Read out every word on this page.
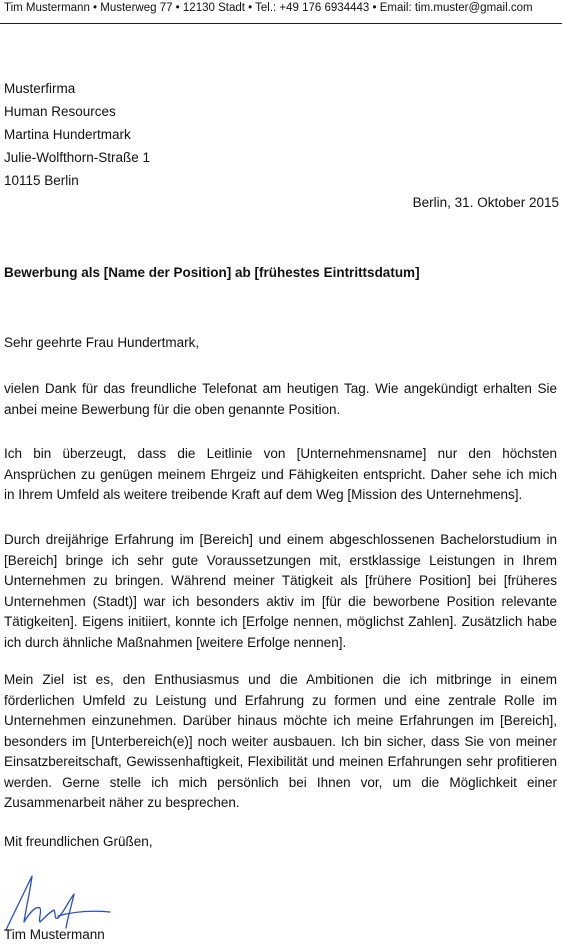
Tim Mustermann • Musterweg 77 • 12130 Stadt • Tel.: +49 176 6934443 • Email: tim.muster@gmail.com
Musterfirma
Human Resources
Martina Hundertmark
Julie-Wolfthorn-Straße 1
10115 Berlin
Berlin, 31. Oktober 2015
Bewerbung als [Name der Position] ab [frühestes Eintrittsdatum]
Sehr geehrte Frau Hundertmark,
vielen Dank für das freundliche Telefonat am heutigen Tag. Wie angekündigt erhalten Sie anbei meine Bewerbung für die oben genannte Position.
Ich bin überzeugt, dass die Leitlinie von [Unternehmensname] nur den höchsten Ansprüchen zu genügen meinem Ehrgeiz und Fähigkeiten entspricht. Daher sehe ich mich in Ihrem Umfeld als weitere treibende Kraft auf dem Weg [Mission des Unternehmens].
Durch dreijährige Erfahrung im [Bereich] und einem abgeschlossenen Bachelorstudium in [Bereich] bringe ich sehr gute Voraussetzungen mit, erstklassige Leistungen in Ihrem Unternehmen zu bringen. Während meiner Tätigkeit als [frühere Position] bei [früheres Unternehmen (Stadt)] war ich besonders aktiv im [für die beworbene Position relevante Tätigkeiten]. Eigens initiiert, konnte ich [Erfolge nennen, möglichst Zahlen]. Zusätzlich habe ich durch ähnliche Maßnahmen [weitere Erfolge nennen].
Mein Ziel ist es, den Enthusiasmus und die Ambitionen die ich mitbringe in einem förderlichen Umfeld zu Leistung und Erfahrung zu formen und eine zentrale Rolle im Unternehmen einzunehmen. Darüber hinaus möchte ich meine Erfahrungen im [Bereich], besonders im [Unterbereich(e)] noch weiter ausbauen. Ich bin sicher, dass Sie von meiner Einsatzbereitschaft, Gewissenhaftigkeit, Flexibilität und meinen Erfahrungen sehr profitieren werden. Gerne stelle ich mich persönlich bei Ihnen vor, um die Möglichkeit einer Zusammenarbeit näher zu besprechen.
Mit freundlichen Grüßen,
Tim Mustermann
